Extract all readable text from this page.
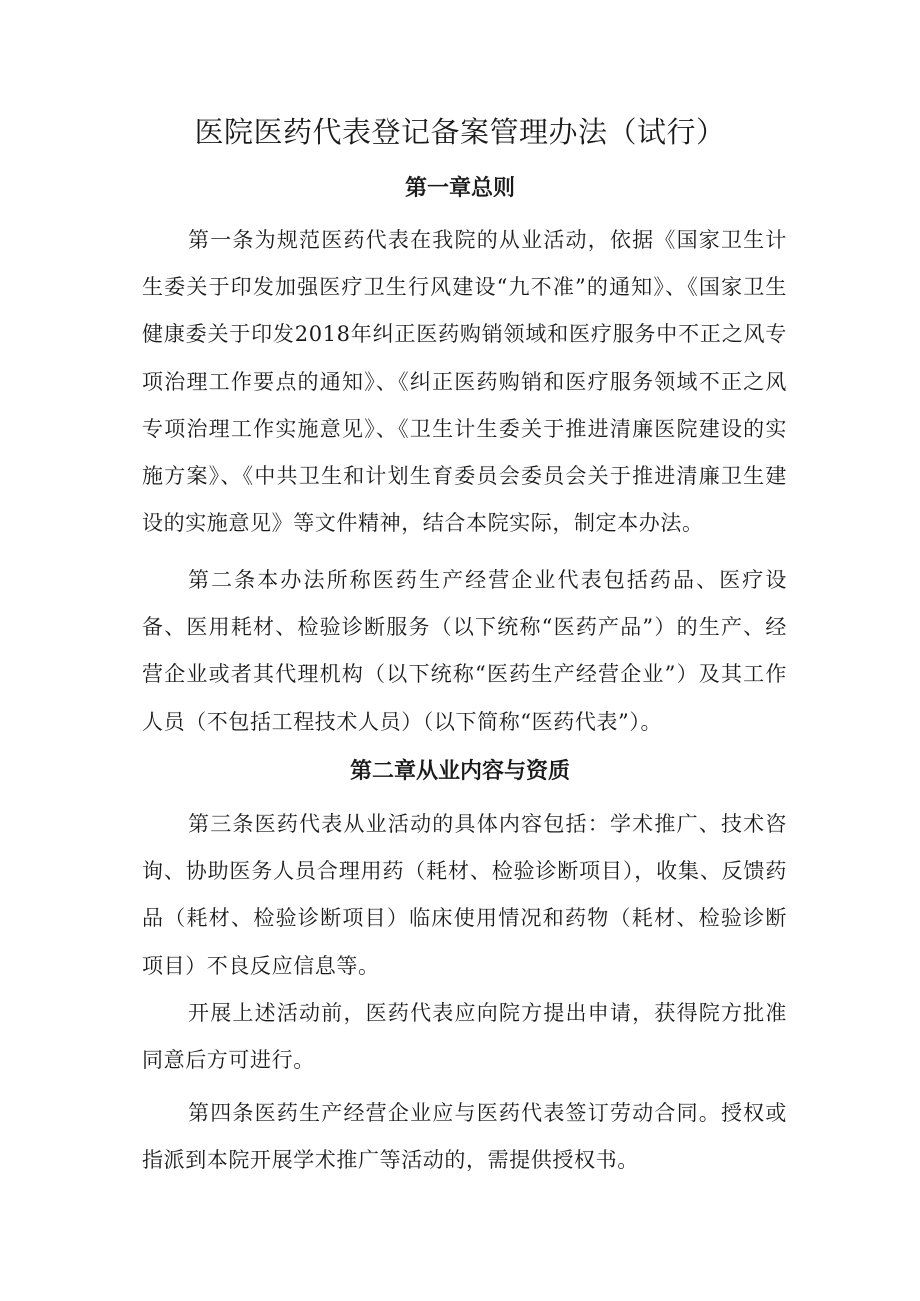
医院医药代表登记备案管理办法（试行）
第一章总则

第一条为规范医药代表在我院的从业活动，依据《国家卫生计生委关于印发加强医疗卫生行风建设“九不准”的通知》、《国家卫生健康委关于印发2018年纠正医药购销领域和医疗服务中不正之风专项治理工作要点的通知》、《纠正医药购销和医疗服务领域不正之风专项治理工作实施意见》、《卫生计生委关于推进清廉医院建设的实施方案》、《中共卫生和计划生育委员会委员会关于推进清廉卫生建设的实施意见》等文件精神，结合本院实际，制定本办法。

第二条本办法所称医药生产经营企业代表包括药品、医疗设备、医用耗材、检验诊断服务（以下统称“医药产品”）的生产、经营企业或者其代理机构（以下统称“医药生产经营企业”）及其工作人员（不包括工程技术人员）（以下简称“医药代表”）。

第二章从业内容与资质

第三条医药代表从业活动的具体内容包括：学术推广、技术咨询、协助医务人员合理用药（耗材、检验诊断项目），收集、反馈药品（耗材、检验诊断项目）临床使用情况和药物（耗材、检验诊断项目）不良反应信息等。

开展上述活动前，医药代表应向院方提出申请，获得院方批准同意后方可进行。

第四条医药生产经营企业应与医药代表签订劳动合同。授权或指派到本院开展学术推广等活动的，需提供授权书。
